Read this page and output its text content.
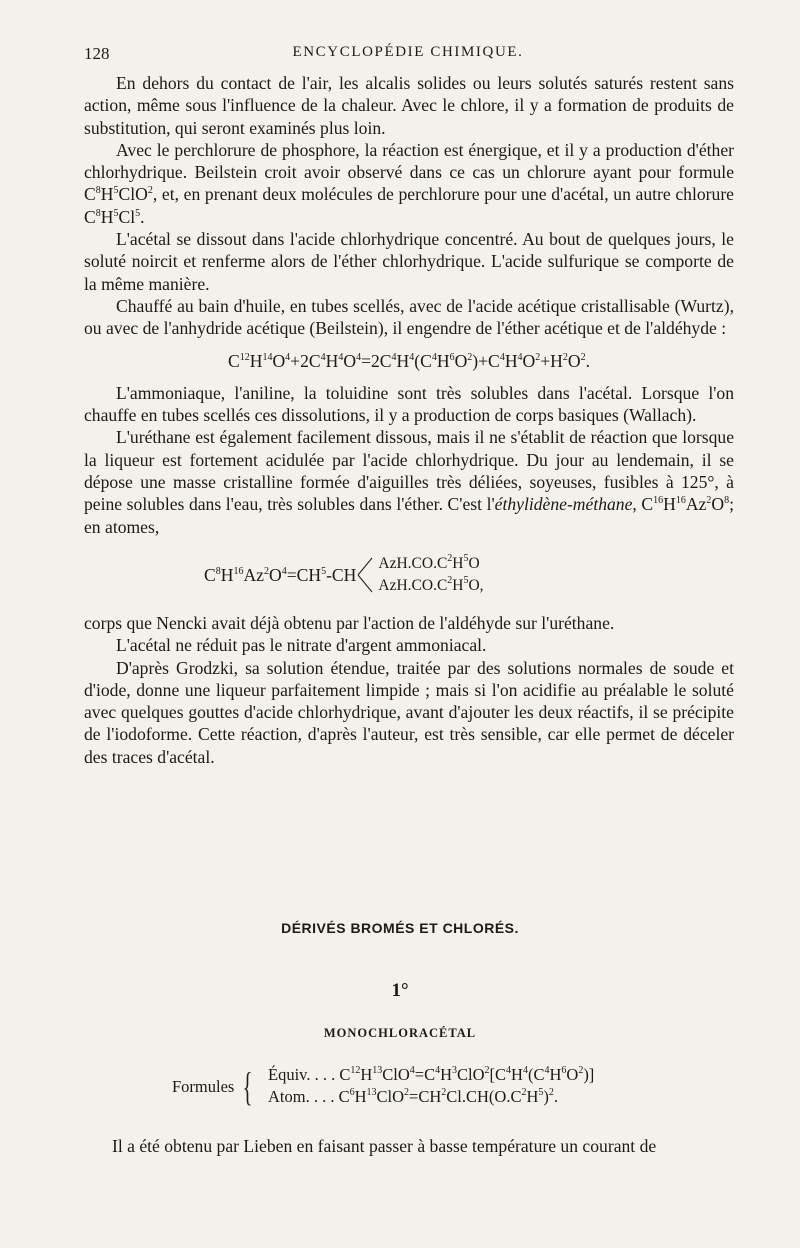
128	ENCYCLOPÉDIE CHIMIQUE.

En dehors du contact de l'air, les alcalis solides ou leurs solutés saturés restent sans action, même sous l'influence de la chaleur. Avec le chlore, il y a formation de produits de substitution, qui seront examinés plus loin.

Avec le perchlorure de phosphore, la réaction est énergique, et il y a production d'éther chlorhydrique. Beilstein croit avoir observé dans ce cas un chlorure ayant pour formule $C^8H^5ClO^2$, et, en prenant deux molécules de perchlorure pour une d'acétal, un autre chlorure $C^8H^5Cl^5$.

L'acétal se dissout dans l'acide chlorhydrique concentré. Au bout de quelques jours, le soluté noircit et renferme alors de l'éther chlorhydrique. L'acide sulfurique se comporte de la même manière.

Chauffé au bain d'huile, en tubes scellés, avec de l'acide acétique cristallisable (Wurtz), ou avec de l'anhydride acétique (Beilstein), il engendre de l'éther acétique et de l'aldéhyde :

$C^{12}H^{14}O^4+2C^4H^4O^4=2C^4H^4(C^4H^6O^2)+C^4H^4O^2+H^2O^2$.

L'ammoniaque, l'aniline, la toluidine sont très solubles dans l'acétal. Lorsque l'on chauffe en tubes scellés ces dissolutions, il y a production de corps basiques (Wallach).

L'uréthane est également facilement dissous, mais il ne s'établit de réaction que lorsque la liqueur est fortement acidulée par l'acide chlorhydrique. Du jour au lendemain, il se dépose une masse cristalline formée d'aiguilles très déliées, soyeuses, fusibles à 125°, à peine solubles dans l'eau, très solubles dans l'éther. C'est l'éthylidène-méthane, $C^{16}H^{16}Az^2O^8$; en atomes,

$C^8H^{16}Az^2O^4=CH^5-CH$
$AzH.CO.C^2H^5O$
$AzH.CO.C^2H^5O$,

corps que Nencki avait déjà obtenu par l'action de l'aldéhyde sur l'uréthane.

L'acétal ne réduit pas le nitrate d'argent ammoniacal.

D'après Grodzki, sa solution étendue, traitée par des solutions normales de soude et d'iode, donne une liqueur parfaitement limpide ; mais si l'on acidifie au préalable le soluté avec quelques gouttes d'acide chlorhydrique, avant d'ajouter les deux réactifs, il se précipite de l'iodoforme. Cette réaction, d'après l'auteur, est très sensible, car elle permet de déceler des traces d'acétal.

DÉRIVÉS BROMÉS ET CHLORÉS.
1°
MONOCHLORACÉTAL
Formules { Équiv. . . . $C^{12}H^{13}ClO^4=C^4H^3ClO^2[C^4H^4(C^4H^6O^2)]$
Atom. . . . $C^6H^{13}ClO^2=CH^2Cl.CH(O.C^2H^5)^2$.
Il a été obtenu par Lieben en faisant passer à basse température un courant de
